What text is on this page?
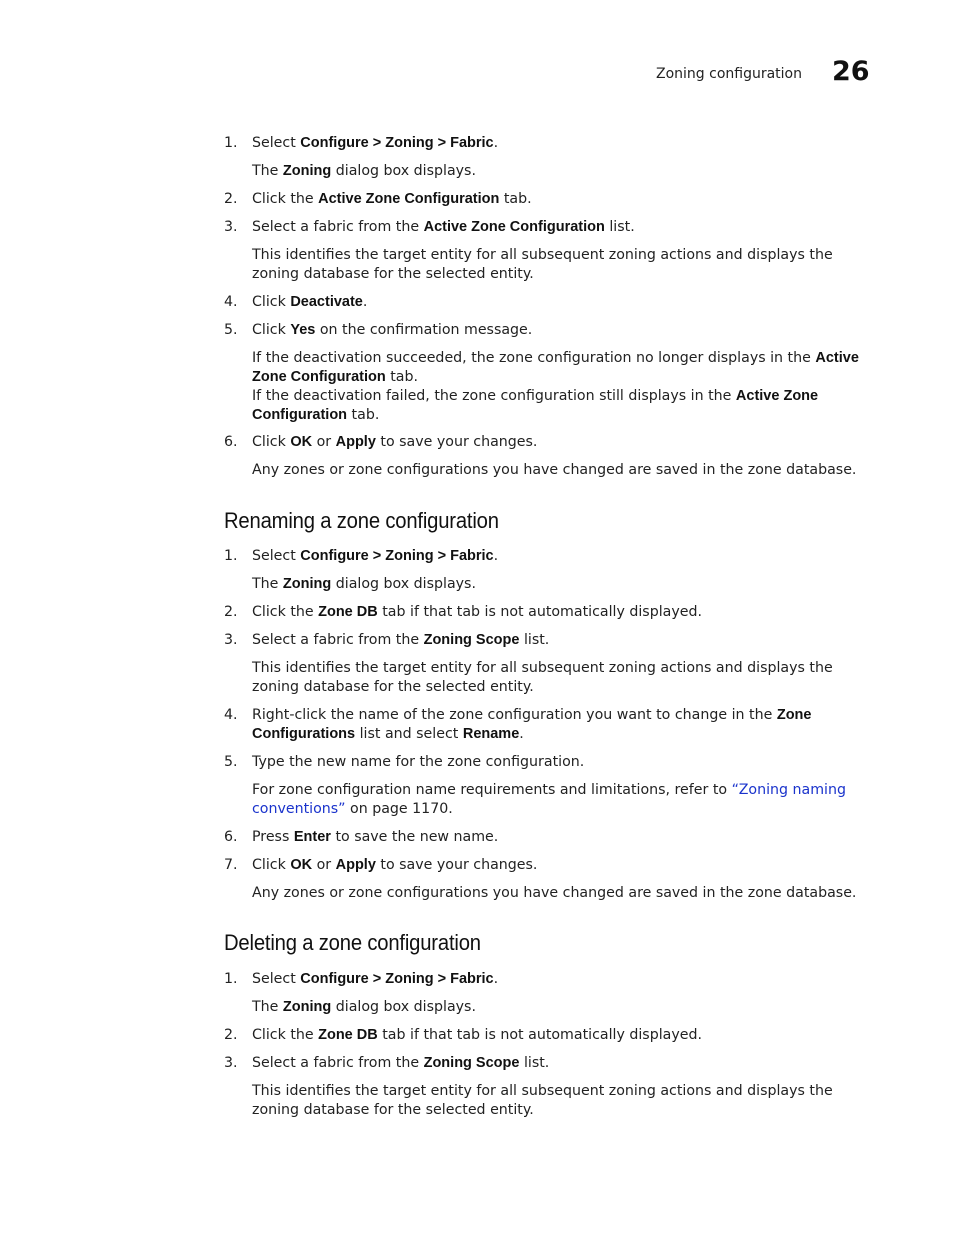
Zoning configuration 26
1.	Select Configure > Zoning > Fabric.
The Zoning dialog box displays.
2.	Click the Active Zone Configuration tab.
3.	Select a fabric from the Active Zone Configuration list.
This identifies the target entity for all subsequent zoning actions and displays the zoning database for the selected entity.
4.	Click Deactivate.
5.	Click Yes on the confirmation message.
If the deactivation succeeded, the zone configuration no longer displays in the Active Zone Configuration tab.
If the deactivation failed, the zone configuration still displays in the Active Zone Configuration tab.
6.	Click OK or Apply to save your changes.
Any zones or zone configurations you have changed are saved in the zone database.
Renaming a zone configuration
1.	Select Configure > Zoning > Fabric.
The Zoning dialog box displays.
2.	Click the Zone DB tab if that tab is not automatically displayed.
3.	Select a fabric from the Zoning Scope list.
This identifies the target entity for all subsequent zoning actions and displays the zoning database for the selected entity.
4.	Right-click the name of the zone configuration you want to change in the Zone Configurations list and select Rename.
5.	Type the new name for the zone configuration.
For zone configuration name requirements and limitations, refer to “Zoning naming conventions” on page 1170.
6.	Press Enter to save the new name.
7.	Click OK or Apply to save your changes.
Any zones or zone configurations you have changed are saved in the zone database.
Deleting a zone configuration
1.	Select Configure > Zoning > Fabric.
The Zoning dialog box displays.
2.	Click the Zone DB tab if that tab is not automatically displayed.
3.	Select a fabric from the Zoning Scope list.
This identifies the target entity for all subsequent zoning actions and displays the zoning database for the selected entity.
